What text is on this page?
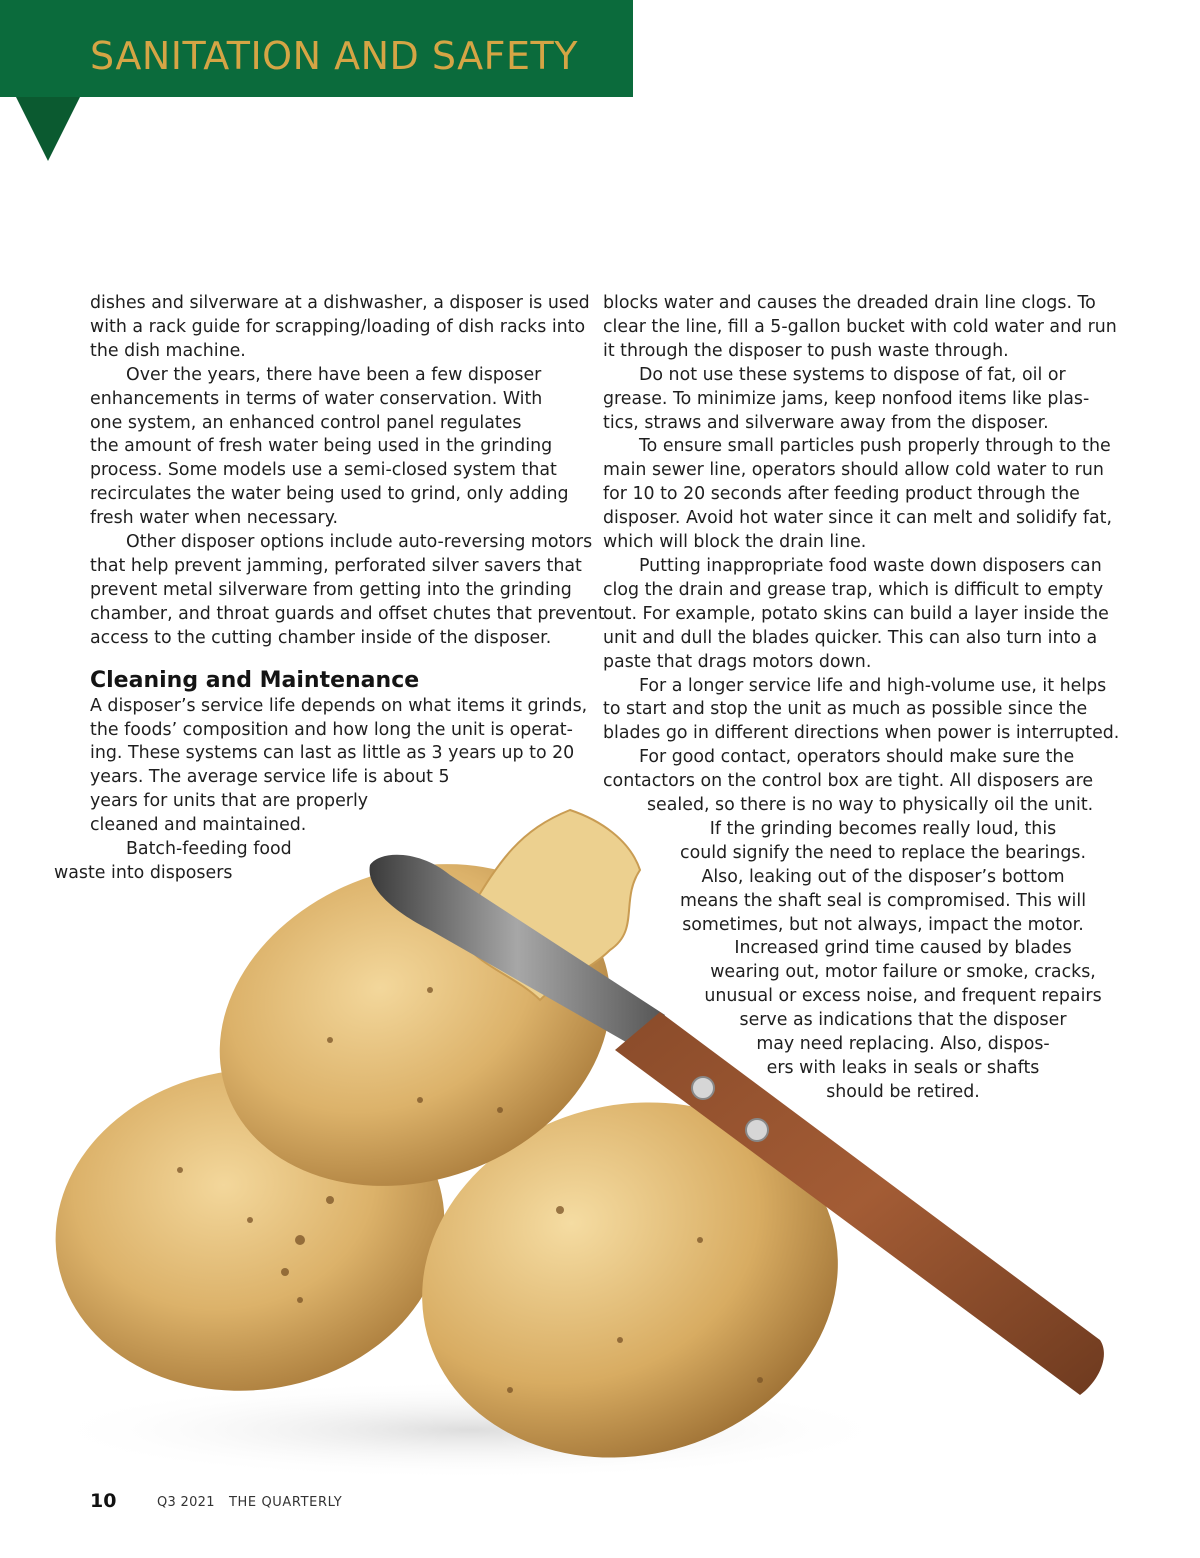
SANITATION AND SAFETY

dishes and silverware at a dishwasher, a disposer is used
with a rack guide for scrapping/loading of dish racks into
the dish machine.

Over the years, there have been a few disposer
enhancements in terms of water conservation. With
one system, an enhanced control panel regulates
the amount of fresh water being used in the grinding
process. Some models use a semi-closed system that
recirculates the water being used to grind, only adding
fresh water when necessary.

Other disposer options include auto-reversing motors
that help prevent jamming, perforated silver savers that
prevent metal silverware from getting into the grinding
chamber, and throat guards and offset chutes that prevent
access to the cutting chamber inside of the disposer.

Cleaning and Maintenance

A disposer’s service life depends on what items it grinds,
the foods’ composition and how long the unit is operat-
ing. These systems can last as little as 3 years up to 20
years. The average service life is about 5
years for units that are properly
cleaned and maintained.

Batch-feeding food
waste into disposers

blocks water and causes the dreaded drain line clogs. To
clear the line, fill a 5-gallon bucket with cold water and run
it through the disposer to push waste through.

Do not use these systems to dispose of fat, oil or
grease. To minimize jams, keep nonfood items like plas-
tics, straws and silverware away from the disposer.

To ensure small particles push properly through to the
main sewer line, operators should allow cold water to run
for 10 to 20 seconds after feeding product through the
disposer. Avoid hot water since it can melt and solidify fat,
which will block the drain line.

Putting inappropriate food waste down disposers can
clog the drain and grease trap, which is difficult to empty
out. For example, potato skins can build a layer inside the
unit and dull the blades quicker. This can also turn into a
paste that drags motors down.

For a longer service life and high-volume use, it helps
to start and stop the unit as much as possible since the
blades go in different directions when power is interrupted.

For good contact, operators should make sure the
contactors on the control box are tight. All disposers are
sealed, so there is no way to physically oil the unit.

If the grinding becomes really loud, this
could signify the need to replace the bearings.
Also, leaking out of the disposer’s bottom
means the shaft seal is compromised. This will
sometimes, but not always, impact the motor.

Increased grind time caused by blades
wearing out, motor failure or smoke, cracks,
unusual or excess noise, and frequent repairs
serve as indications that the disposer
may need replacing. Also, dispos-
ers with leaks in seals or shafts
should be retired.

10	Q3 2021 THE QUARTERLY
